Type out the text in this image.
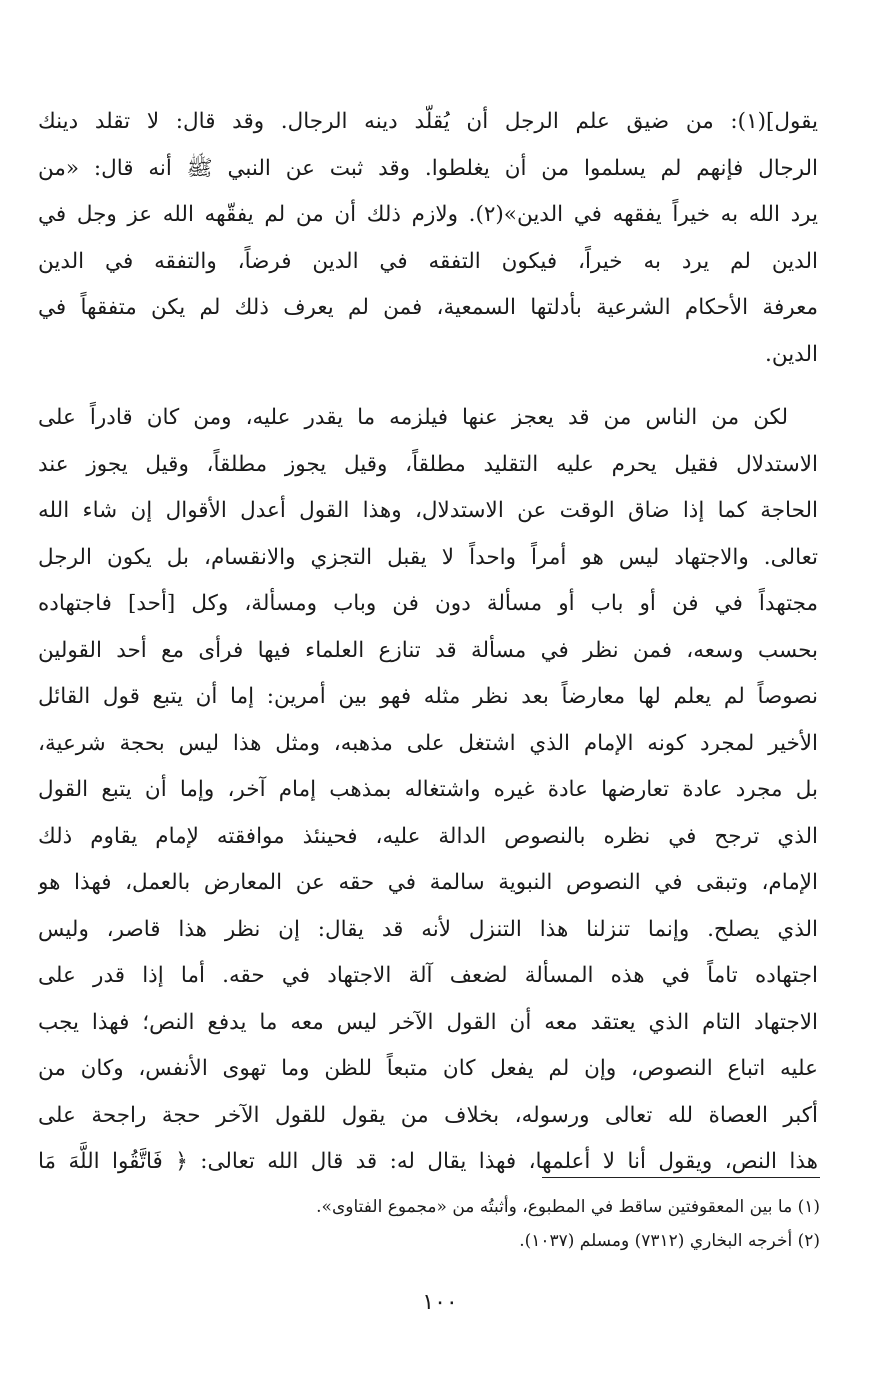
يقول](١): من ضيق علم الرجل أن يُقلّد دينه الرجال. وقد قال: لا تقلد دينك
الرجال فإنهم لم يسلموا من أن يغلطوا. وقد ثبت عن النبي ﷺ أنه قال: «من
يرد الله به خيراً يفقهه في الدين»(٢). ولازم ذلك أن من لم يفقّهه الله عز وجل في
الدين لم يرد به خيراً، فيكون التفقه في الدين فرضاً، والتفقه في الدين
معرفة الأحكام الشرعية بأدلتها السمعية، فمن لم يعرف ذلك لم يكن متفقهاً في
الدين.
لكن من الناس من قد يعجز عنها فيلزمه ما يقدر عليه، ومن كان قادراً على
الاستدلال فقيل يحرم عليه التقليد مطلقاً، وقيل يجوز مطلقاً، وقيل يجوز عند
الحاجة كما إذا ضاق الوقت عن الاستدلال، وهذا القول أعدل الأقوال إن شاء الله
تعالى. والاجتهاد ليس هو أمراً واحداً لا يقبل التجزي والانقسام، بل يكون الرجل
مجتهداً في فن أو باب أو مسألة دون فن وباب ومسألة، وكل [أحد] فاجتهاده
بحسب وسعه، فمن نظر في مسألة قد تنازع العلماء فيها فرأى مع أحد القولين
نصوصاً لم يعلم لها معارضاً بعد نظر مثله فهو بين أمرين: إما أن يتبع قول القائل
الأخير لمجرد كونه الإمام الذي اشتغل على مذهبه، ومثل هذا ليس بحجة شرعية،
بل مجرد عادة تعارضها عادة غيره واشتغاله بمذهب إمام آخر، وإما أن يتبع القول
الذي ترجح في نظره بالنصوص الدالة عليه، فحينئذ موافقته لإمام يقاوم ذلك
الإمام، وتبقى في النصوص النبوية سالمة في حقه عن المعارض بالعمل، فهذا هو
الذي يصلح. وإنما تنزلنا هذا التنزل لأنه قد يقال: إن نظر هذا قاصر، وليس
اجتهاده تاماً في هذه المسألة لضعف آلة الاجتهاد في حقه. أما إذا قدر على
الاجتهاد التام الذي يعتقد معه أن القول الآخر ليس معه ما يدفع النص؛ فهذا يجب
عليه اتباع النصوص، وإن لم يفعل كان متبعاً للظن وما تهوى الأنفس، وكان من
أكبر العصاة لله تعالى ورسوله، بخلاف من يقول للقول الآخر حجة راجحة على
هذا النص، ويقول أنا لا أعلمها، فهذا يقال له: قد قال الله تعالى: ﴿ فَاتَّقُوا اللَّهَ مَا
(١) ما بين المعقوفتين ساقط في المطبوع، وأثبتُه من «مجموع الفتاوى».
(٢) أخرجه البخاري (٧٣١٢) ومسلم (١٠٣٧).
١٠٠
